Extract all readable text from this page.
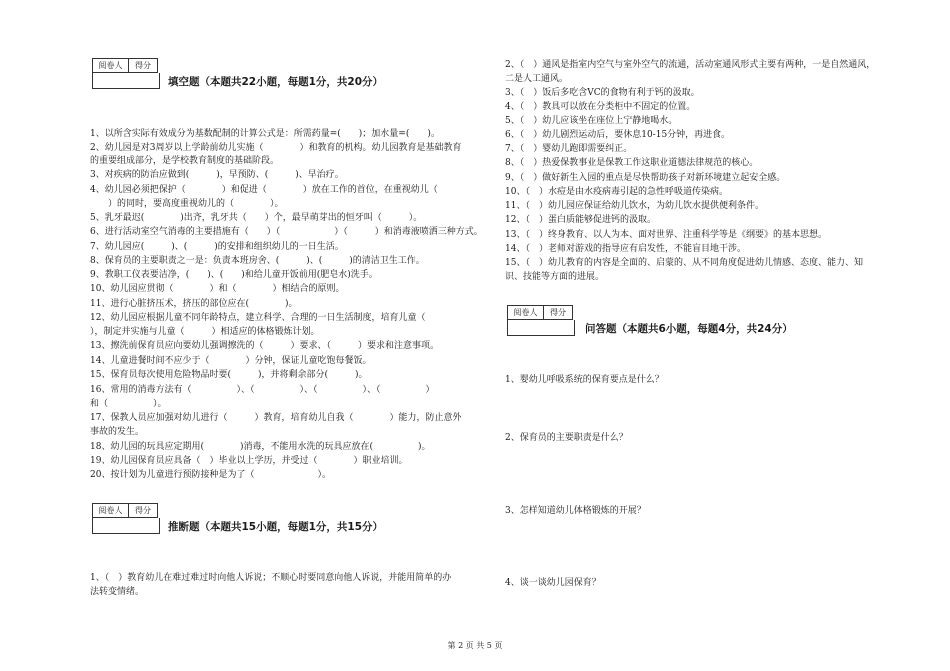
阅卷人	得分
填空题（本题共22小题，每题1分，共20分）
1、以所含实际有效成分为基数配制的计算公式是：所需药量=(　　)；加水量=(　　)。
2、幼儿园是对3周岁以上学龄前幼儿实施（　　　　）和教育的机构。幼儿园教育是基础教育
的重要组成部分，是学校教育制度的基础阶段。
3、对疾病的防治应做到(　　　)，早预防、(　　　)、早治疗。
4、幼儿园必须把保护（　　　　）和促进（　　　　）放在工作的首位，在重视幼儿（
　　）的同时，要高度重视幼儿的（　　　　）。
5、乳牙最迟(　　　　)出齐，乳牙共（　　）个，最早萌芽出的恒牙叫（　　　）。
6、进行活动室空气消毒的主要措施有（　　）（　　　　　　）（　　　）和消毒液喷洒三种方式。
7、幼儿园应(　　　)、(　　　)的安排和组织幼儿的一日生活。
8、保育员的主要职责之一是：负责本班房舍、(　　　)、(　　　)的清洁卫生工作。
9、教职工仪表要洁净，(　　)、(　　)和给儿童开饭前用(肥皂水)洗手。
10、幼儿园应贯彻（　　　　）和（　　　　）相结合的原则。
11、进行心脏挤压术，挤压的部位应在(　　　　)。
12、幼儿园应根据儿童不同年龄特点，建立科学、合理的一日生活制度，培育儿童（
），制定并实施与儿童（　　　）相适应的体格锻炼计划。
13、擦洗前保育员应向要幼儿强调擦洗的（　　　）要求、（　　　）要求和注意事项。
14、儿童进餐时间不应少于（　　　　）分钟，保证儿童吃饱每餐饭。
15、保育员每次使用危险物品时要(　　　)，并将剩余部分(　　　)。
16、常用的消毒方法有（　　　　　）、（　　　　　）、（　　　　　）、（　　　　　）
和（　　　　　）。
17、保教人员应加强对幼儿进行（　　　）教育，培育幼儿自我（　　　　）能力，防止意外
事故的发生。
18、幼儿园的玩具应定期用(　　　　)消毒，不能用水洗的玩具应放在(　　　　　)。
19、幼儿园保育员应具备（　）毕业以上学历，并受过（　　　　）职业培训。
20、按计划为儿童进行预防接种是为了（　　　　　　　）。
阅卷人	得分
推断题（本题共15小题，每题1分，共15分）
1、（　）教育幼儿在难过难过时向他人诉说；不顺心时要同意向他人诉说，并能用简单的办
法转变情绪。
2、（　）通风是指室内空气与室外空气的流通，活动室通风形式主要有两种，一是自然通风，
二是人工通风。
3、（　）饭后多吃含VC的食物有利于钙的汲取。
4、（　）教具可以放在分类柜中不固定的位置。
5、（　）幼儿应该坐在座位上宁静地喝水。
6、（　）幼儿剧烈运动后，要休息10-15分钟，再进食。
7、（　）婴幼儿跑即需要纠正。
8、（　）热爱保教事业是保教工作这职业道德法律规范的核心。
9、（　）做好新生入园的重点是尽快帮助孩子对新环境建立起安全感。
10、（　）水痘是由水疫病毒引起的急性呼吸道传染病。
11、（　）幼儿园应保证给幼儿饮水，为幼儿饮水提供便利条件。
12、（　）蛋白质能够促进钙的汲取。
13、（　）终身教育、以人为本、面对世界、注重科学等是《纲要》的基本思想。
14、（　）老师对游戏的指导应有启发性，不能盲目地干涉。
15、（　）幼儿教育的内容是全面的、启蒙的、从不同角度促进幼儿情感、态度、能力、知
识、技能等方面的进展。
阅卷人	得分
问答题（本题共6小题，每题4分，共24分）
1、婴幼儿呼吸系统的保育要点是什么？
2、保育员的主要职责是什么？
3、怎样知道幼儿体格锻炼的开展？
4、谈一谈幼儿园保育？
第 2 页 共 5 页
